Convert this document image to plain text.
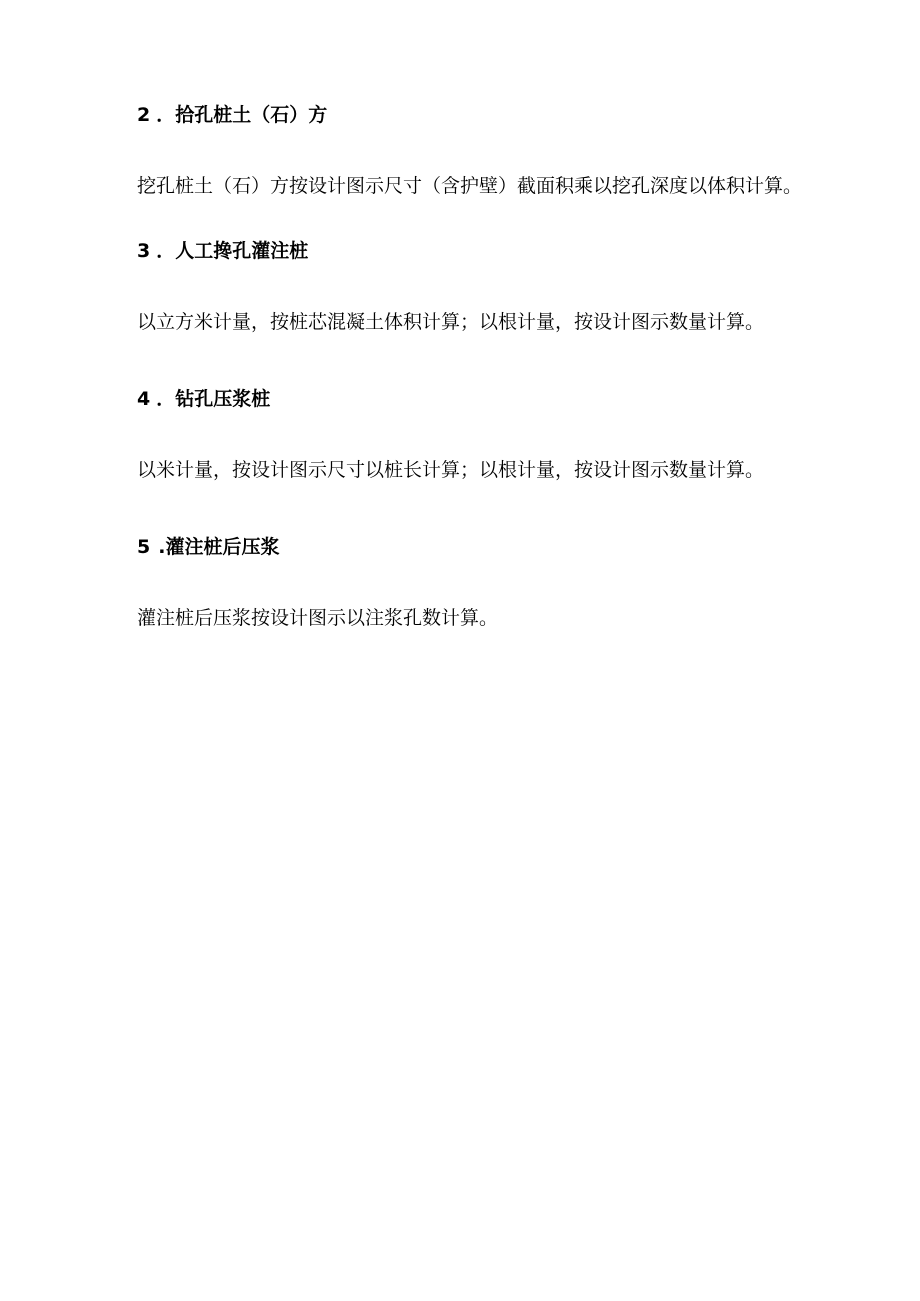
2 ．拾孔桩土（石）方

挖孔桩土（石）方按设计图示尺寸（含护壁）截面积乘以挖孔深度以体积计算。

3 ．人工搀孔灌注桩

以立方米计量，按桩芯混凝土体积计算；以根计量，按设计图示数量计算。

4 ．钻孔压浆桩

以米计量，按设计图示尺寸以桩长计算；以根计量，按设计图示数量计算。

5 .灌注桩后压浆

灌注桩后压浆按设计图示以注浆孔数计算。
